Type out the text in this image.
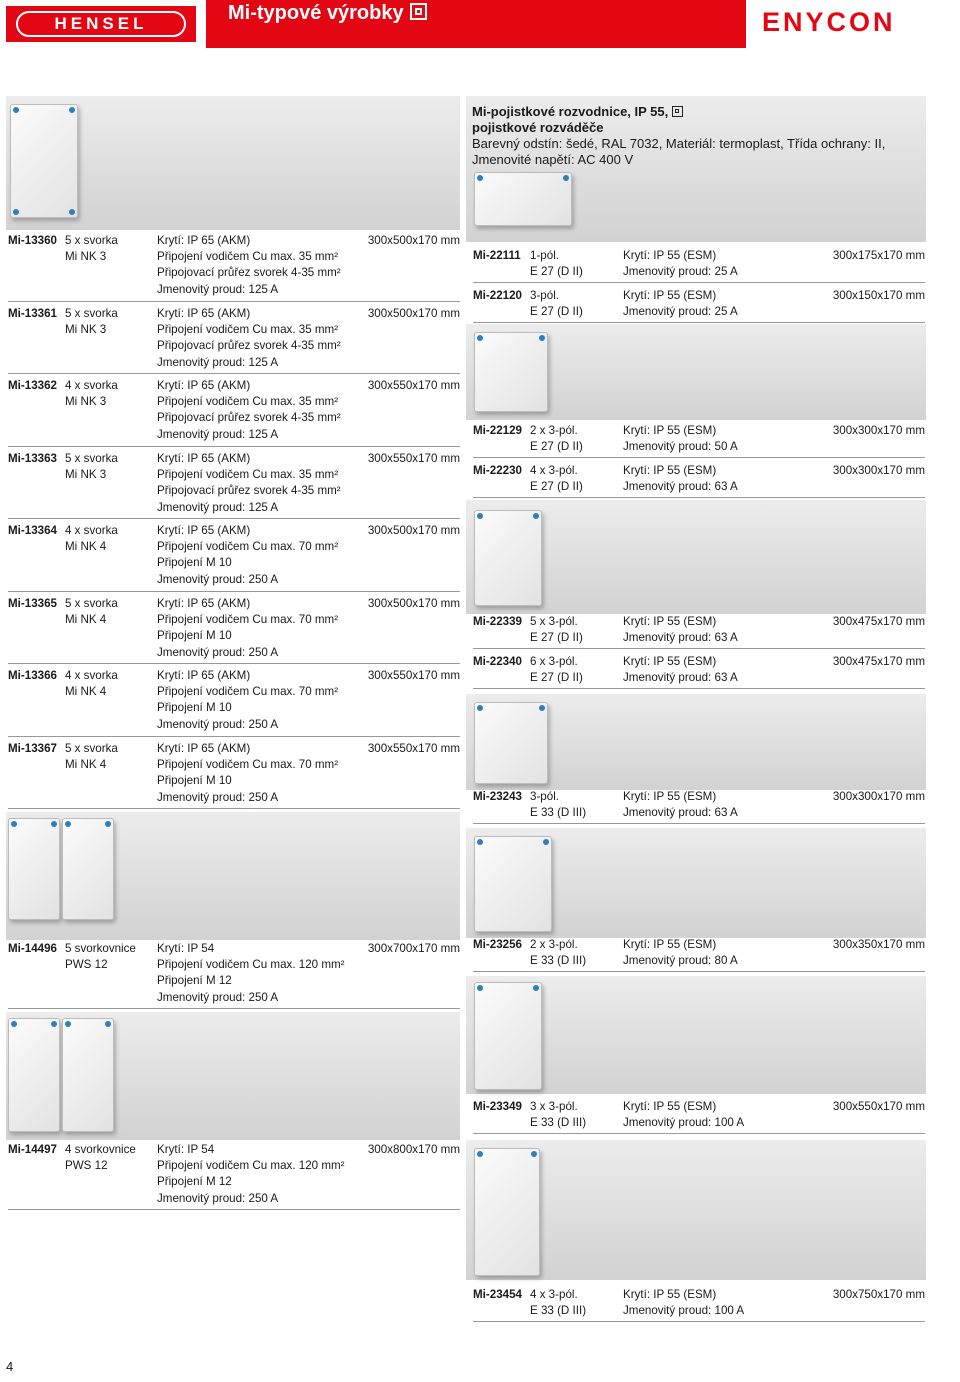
HENSEL	Mi-typové výrobky	ENYCON
Mi-pojistkové rozvodnice, IP 55,
pojistkové rozváděče
Barevný odstín: šedé, RAL 7032, Materiál: termoplast, Třída ochrany: II,
Jmenovité napětí: AC 400 V
Mi-13360 5 x svorka
Mi NK 3
Krytí: IP 65 (AKM)
Připojení vodičem Cu max. 35 mm²
Připojovací průřez svorek 4-35 mm²
Jmenovitý proud: 125 A
300x500x170 mm
Mi-13361 5 x svorka
Mi NK 3
Krytí: IP 65 (AKM)
Připojení vodičem Cu max. 35 mm²
Připojovací průřez svorek 4-35 mm²
Jmenovitý proud: 125 A
300x500x170 mm
Mi-13362 4 x svorka
Mi NK 3
Krytí: IP 65 (AKM)
Připojení vodičem Cu max. 35 mm²
Připojovací průřez svorek 4-35 mm²
Jmenovitý proud: 125 A
300x550x170 mm
Mi-13363 5 x svorka
Mi NK 3
Krytí: IP 65 (AKM)
Připojení vodičem Cu max. 35 mm²
Připojovací průřez svorek 4-35 mm²
Jmenovitý proud: 125 A
300x550x170 mm
Mi-13364 4 x svorka
Mi NK 4
Krytí: IP 65 (AKM)
Připojení vodičem Cu max. 70 mm²
Připojení M 10
Jmenovitý proud: 250 A
300x500x170 mm
Mi-13365 5 x svorka
Mi NK 4
Krytí: IP 65 (AKM)
Připojení vodičem Cu max. 70 mm²
Připojení M 10
Jmenovitý proud: 250 A
300x500x170 mm
Mi-13366 4 x svorka
Mi NK 4
Krytí: IP 65 (AKM)
Připojení vodičem Cu max. 70 mm²
Připojení M 10
Jmenovitý proud: 250 A
300x550x170 mm
Mi-13367 5 x svorka
Mi NK 4
Krytí: IP 65 (AKM)
Připojení vodičem Cu max. 70 mm²
Připojení M 10
Jmenovitý proud: 250 A
300x550x170 mm
Mi-14496 5 svorkovnice
PWS 12
Krytí: IP 54
Připojení vodičem Cu max. 120 mm²
Připojení M 12
Jmenovitý proud: 250 A
300x700x170 mm
Mi-14497 4 svorkovnice
PWS 12
Krytí: IP 54
Připojení vodičem Cu max. 120 mm²
Připojení M 12
Jmenovitý proud: 250 A
300x800x170 mm
Mi-22111 1-pól.
E 27 (D II)
Krytí: IP 55 (ESM)
Jmenovitý proud: 25 A
300x175x170 mm
Mi-22120 3-pól.
E 27 (D II)
Krytí: IP 55 (ESM)
Jmenovitý proud: 25 A
300x150x170 mm
Mi-22129 2 x 3-pól.
E 27 (D II)
Krytí: IP 55 (ESM)
Jmenovitý proud: 50 A
300x300x170 mm
Mi-22230 4 x 3-pól.
E 27 (D II)
Krytí: IP 55 (ESM)
Jmenovitý proud: 63 A
300x300x170 mm
Mi-22339 5 x 3-pól.
E 27 (D II)
Krytí: IP 55 (ESM)
Jmenovitý proud: 63 A
300x475x170 mm
Mi-22340 6 x 3-pól.
E 27 (D II)
Krytí: IP 55 (ESM)
Jmenovitý proud: 63 A
300x475x170 mm
Mi-23243 3-pól.
E 33 (D III)
Krytí: IP 55 (ESM)
Jmenovitý proud: 63 A
300x300x170 mm
Mi-23256 2 x 3-pól.
E 33 (D III)
Krytí: IP 55 (ESM)
Jmenovitý proud: 80 A
300x350x170 mm
Mi-23349 3 x 3-pól.
E 33 (D III)
Krytí: IP 55 (ESM)
Jmenovitý proud: 100 A
300x550x170 mm
Mi-23454 4 x 3-pól.
E 33 (D III)
Krytí: IP 55 (ESM)
Jmenovitý proud: 100 A
300x750x170 mm
4
